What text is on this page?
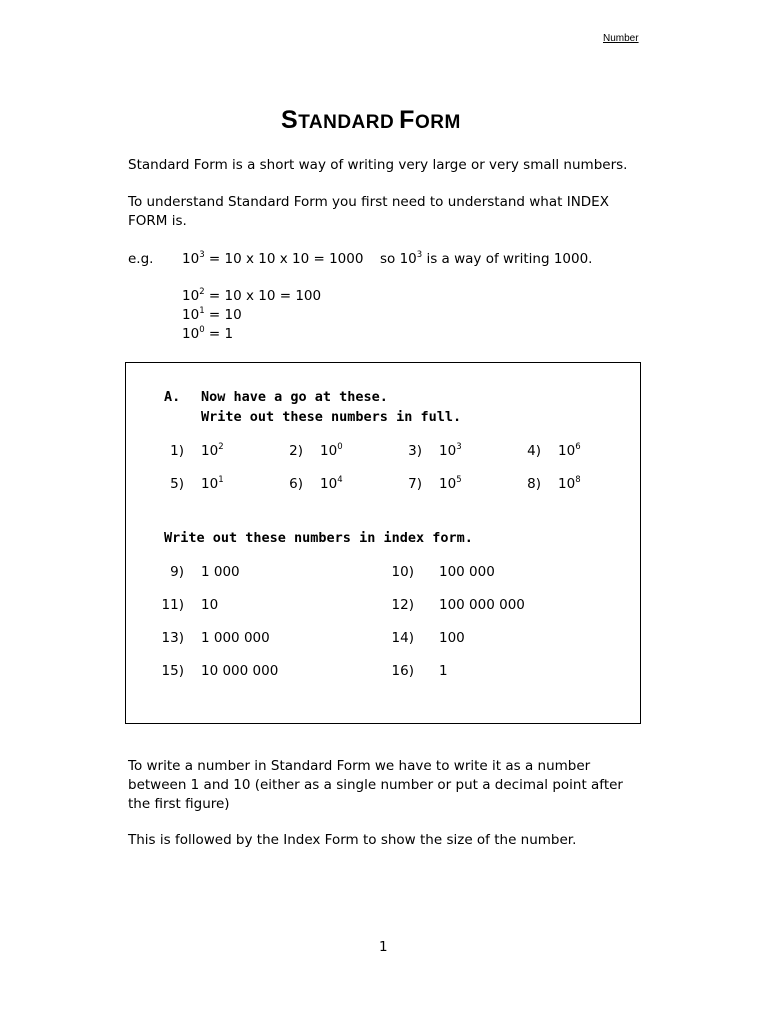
Number
STANDARD FORM
Standard Form is a short way of writing very large or very small numbers.
To understand Standard Form you first need to understand what INDEX
FORM is.
e.g. $10^3 = 10$ x 10 x 10 = 1000 so $10^3$ is a way of writing 1000.
$10^2 = 10$ x 10 = 100
$10^1 = 10$
$10^0 = 1$
A. Now have a go at these.
Write out these numbers in full.
1) $10^2$	2) $10^0$	3) $10^3$	4) $10^6$
5) $10^1$	6) $10^4$	7) $10^5$	8) $10^8$
Write out these numbers in index form.
9) 1 000	10) 100 000
11) 10	12) 100 000 000
13) 1 000 000	14) 100
15) 10 000 000	16) 1
To write a number in Standard Form we have to write it as a number between 1 and 10 (either as a single number or put a decimal point after the first figure)
This is followed by the Index Form to show the size of the number.
1
